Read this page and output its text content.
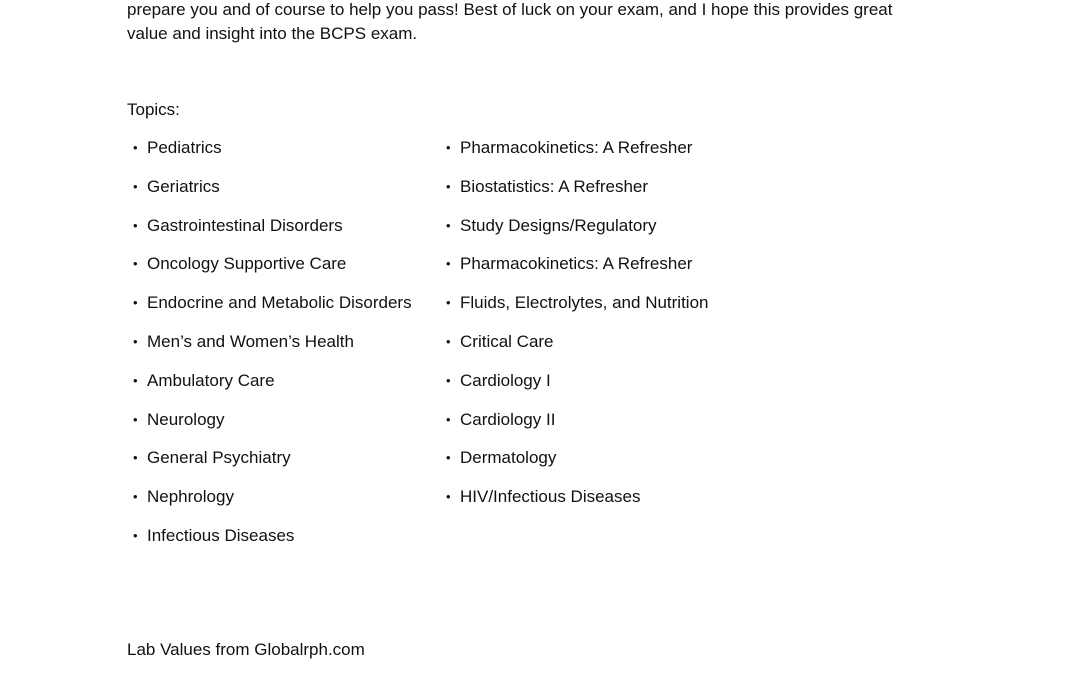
prepare you and of course to help you pass! Best of luck on your exam, and I hope this provides great
value and insight into the BCPS exam.
Topics:
• Pediatrics
• Geriatrics
• Gastrointestinal Disorders
• Oncology Supportive Care
• Endocrine and Metabolic Disorders
• Men’s and Women’s Health
• Ambulatory Care
• Neurology
• General Psychiatry
• Nephrology
• Infectious Diseases
• Pharmacokinetics: A Refresher
• Biostatistics: A Refresher
• Study Designs/Regulatory
• Pharmacokinetics: A Refresher
• Fluids, Electrolytes, and Nutrition
• Critical Care
• Cardiology I
• Cardiology II
• Dermatology
• HIV/Infectious Diseases
Lab Values from Globalrph.com
